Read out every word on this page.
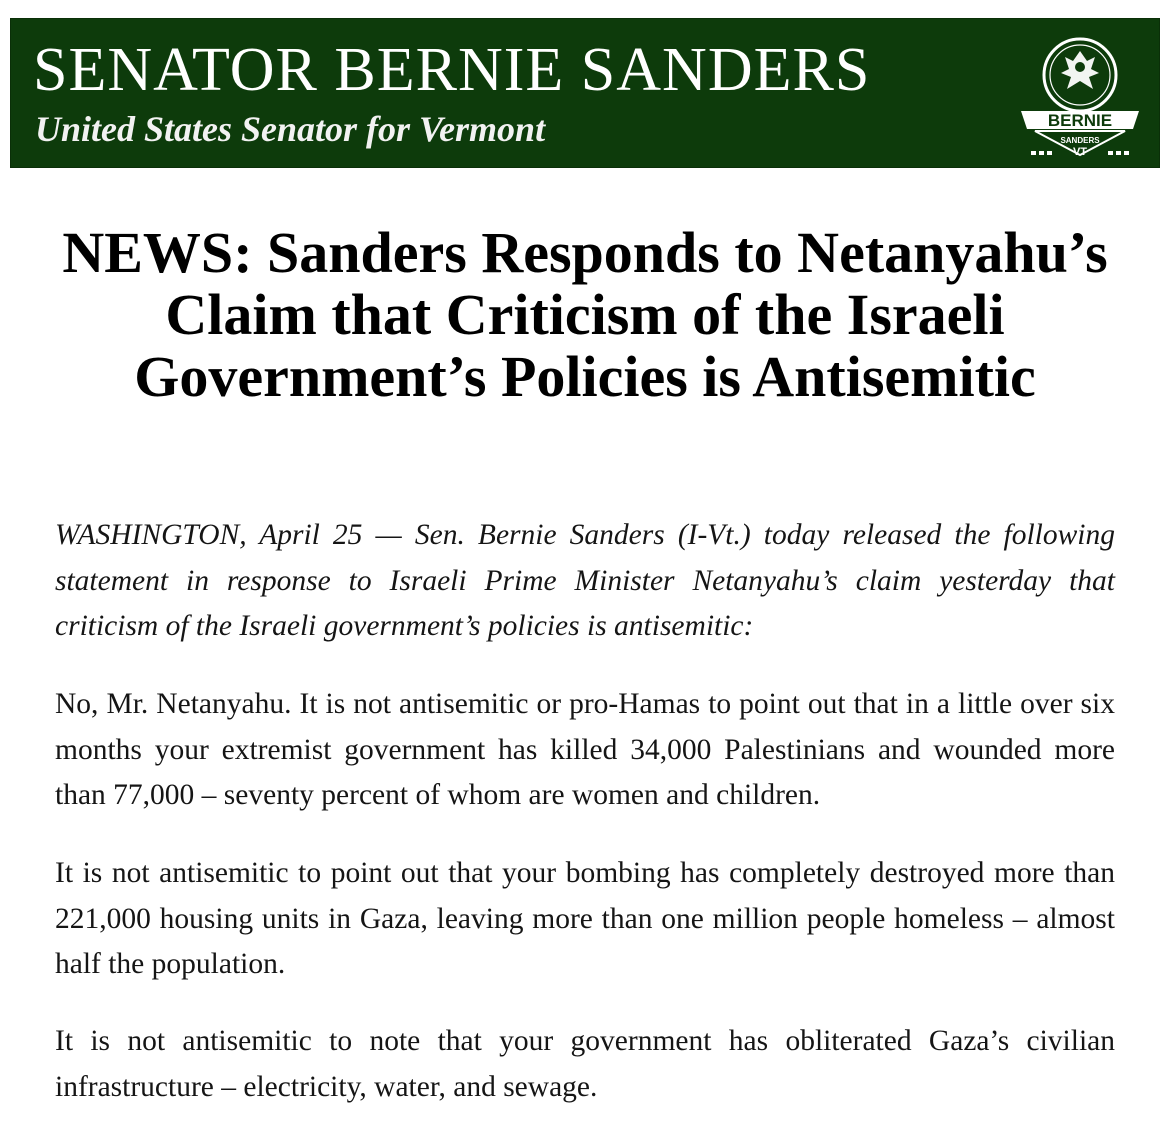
SENATOR BERNIE SANDERS
United States Senator for Vermont	BERNIE
SANDERS
VT
NEWS: Sanders Responds to Netanyahu’s Claim that Criticism of the Israeli Government’s Policies is Antisemitic

WASHINGTON, April 25 — Sen. Bernie Sanders (I-Vt.) today released the following statement in response to Israeli Prime Minister Netanyahu’s claim yesterday that criticism of the Israeli government’s policies is antisemitic:

No, Mr. Netanyahu. It is not antisemitic or pro-Hamas to point out that in a little over six months your extremist government has killed 34,000 Palestinians and wounded more than 77,000 – seventy percent of whom are women and children.

It is not antisemitic to point out that your bombing has completely destroyed more than 221,000 housing units in Gaza, leaving more than one million people homeless – almost half the population.

It is not antisemitic to note that your government has obliterated Gaza’s civilian infrastructure – electricity, water, and sewage.
